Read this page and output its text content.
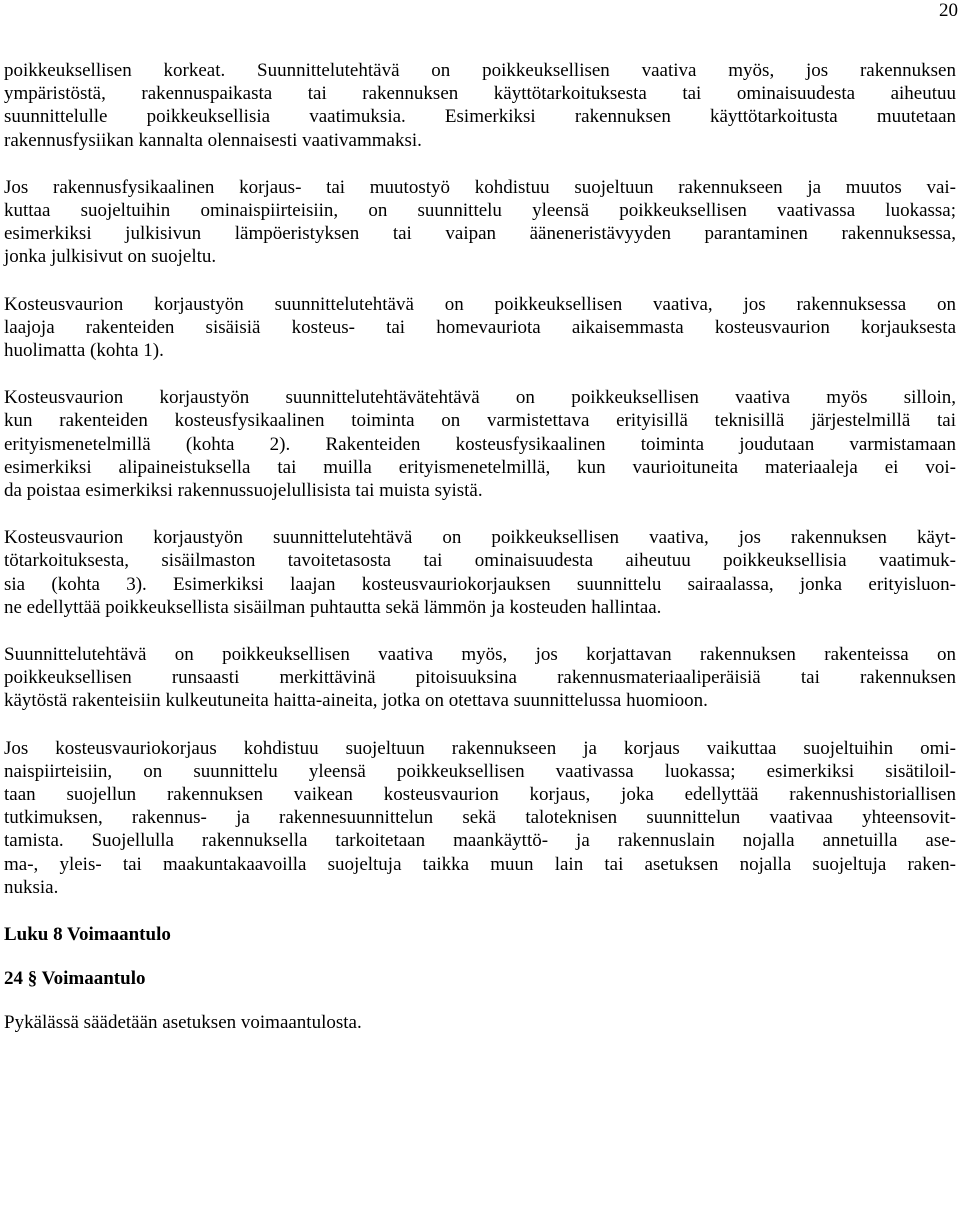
20

poikkeuksellisen korkeat. Suunnittelutehtävä on poikkeuksellisen vaativa myös, jos rakennuksen
ympäristöstä, rakennuspaikasta tai rakennuksen käyttötarkoituksesta tai ominaisuudesta aiheutuu
suunnittelulle poikkeuksellisia vaatimuksia. Esimerkiksi rakennuksen käyttötarkoitusta muutetaan
rakennusfysiikan kannalta olennaisesti vaativammaksi.

Jos rakennusfysikaalinen korjaus- tai muutostyö kohdistuu suojeltuun rakennukseen ja muutos vai-
kuttaa suojeltuihin ominaispiirteisiin, on suunnittelu yleensä poikkeuksellisen vaativassa luokassa;
esimerkiksi julkisivun lämpöeristyksen tai vaipan ääneneristävyyden parantaminen rakennuksessa,
jonka julkisivut on suojeltu.

Kosteusvaurion korjaustyön suunnittelutehtävä on poikkeuksellisen vaativa, jos rakennuksessa on
laajoja rakenteiden sisäisiä kosteus- tai homevauriota aikaisemmasta kosteusvaurion korjauksesta
huolimatta (kohta 1).

Kosteusvaurion korjaustyön suunnittelutehtävätehtävä on poikkeuksellisen vaativa myös silloin,
kun rakenteiden kosteusfysikaalinen toiminta on varmistettava erityisillä teknisillä järjestelmillä tai
erityismenetelmillä (kohta 2). Rakenteiden kosteusfysikaalinen toiminta joudutaan varmistamaan
esimerkiksi alipaineistuksella tai muilla erityismenetelmillä, kun vaurioituneita materiaaleja ei voi-
da poistaa esimerkiksi rakennussuojelullisista tai muista syistä.

Kosteusvaurion korjaustyön suunnittelutehtävä on poikkeuksellisen vaativa, jos rakennuksen käyt-
tötarkoituksesta, sisäilmaston tavoitetasosta tai ominaisuudesta aiheutuu poikkeuksellisia vaatimuk-
sia (kohta 3). Esimerkiksi laajan kosteusvauriokorjauksen suunnittelu sairaalassa, jonka erityisluon-
ne edellyttää poikkeuksellista sisäilman puhtautta sekä lämmön ja kosteuden hallintaa.

Suunnittelutehtävä on poikkeuksellisen vaativa myös, jos korjattavan rakennuksen rakenteissa on
poikkeuksellisen runsaasti merkittävinä pitoisuuksina rakennusmateriaaliperäisiä tai rakennuksen
käytöstä rakenteisiin kulkeutuneita haitta-aineita, jotka on otettava suunnittelussa huomioon.

Jos kosteusvauriokorjaus kohdistuu suojeltuun rakennukseen ja korjaus vaikuttaa suojeltuihin omi-
naispiirteisiin, on suunnittelu yleensä poikkeuksellisen vaativassa luokassa; esimerkiksi sisätiloil-
taan suojellun rakennuksen vaikean kosteusvaurion korjaus, joka edellyttää rakennushistoriallisen
tutkimuksen, rakennus- ja rakennesuunnittelun sekä taloteknisen suunnittelun vaativaa yhteensovit-
tamista. Suojellulla rakennuksella tarkoitetaan maankäyttö- ja rakennuslain nojalla annetuilla ase-
ma-, yleis- tai maakuntakaavoilla suojeltuja taikka muun lain tai asetuksen nojalla suojeltuja raken-
nuksia.

Luku 8 Voimaantulo

24 § Voimaantulo

Pykälässä säädetään asetuksen voimaantulosta.
